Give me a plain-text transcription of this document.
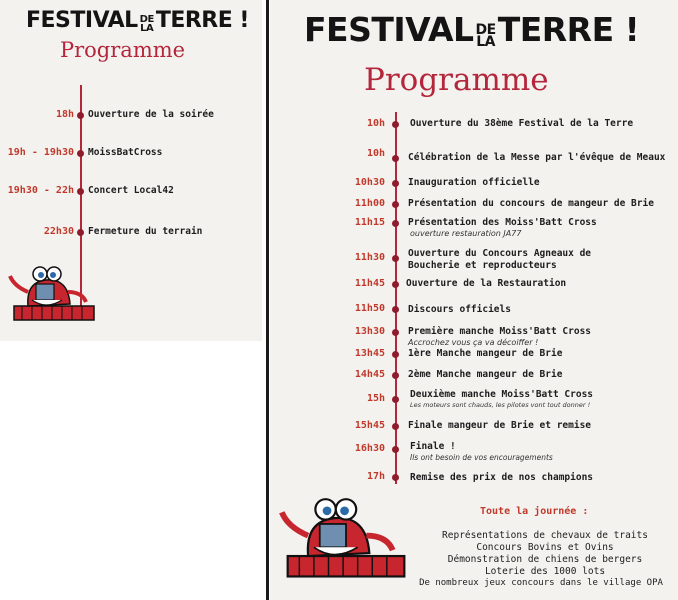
FESTIVAL DE
LA TERRE !
Programme
18h Ouverture de la soirée
19h - 19h30 MoissBatCross
19h30 - 22h Concert Local42
22h30 Fermeture du terrain
FESTIVAL DE
LA TERRE !
Programme
10h	Ouverture du 38ème Festival de la Terre
10h Célébration de la Messe par l'évêque de Meaux
10h30 Inauguration officielle
11h00 Présentation du concours de mangeur de Brie
11h15 Présentation des Moiss'Batt Cross
ouverture restauration JA77
11h30 Ouverture du Concours Agneaux de
Boucherie et reproducteurs
11h45 Ouverture de la Restauration
11h50 Discours officiels
13h30 Première manche Moiss'Batt Cross
Accrochez vous ça va décoiffer !
13h45 1ère Manche mangeur de Brie
14h45 2ème Manche mangeur de Brie
15h	Deuxième manche Moiss'Batt Cross
Les moteurs sont chauds, les pilotes vont tout donner !
15h45 Finale mangeur de Brie et remise
16h30	Finale !
Ils ont besoin de vos encouragements
17h	Remise des prix de nos champions
Toute la journée :
Représentations de chevaux de traits
Concours Bovins et Ovins
Démonstration de chiens de bergers
Loterie des 1000 lots
De nombreux jeux concours dans le village OPA
